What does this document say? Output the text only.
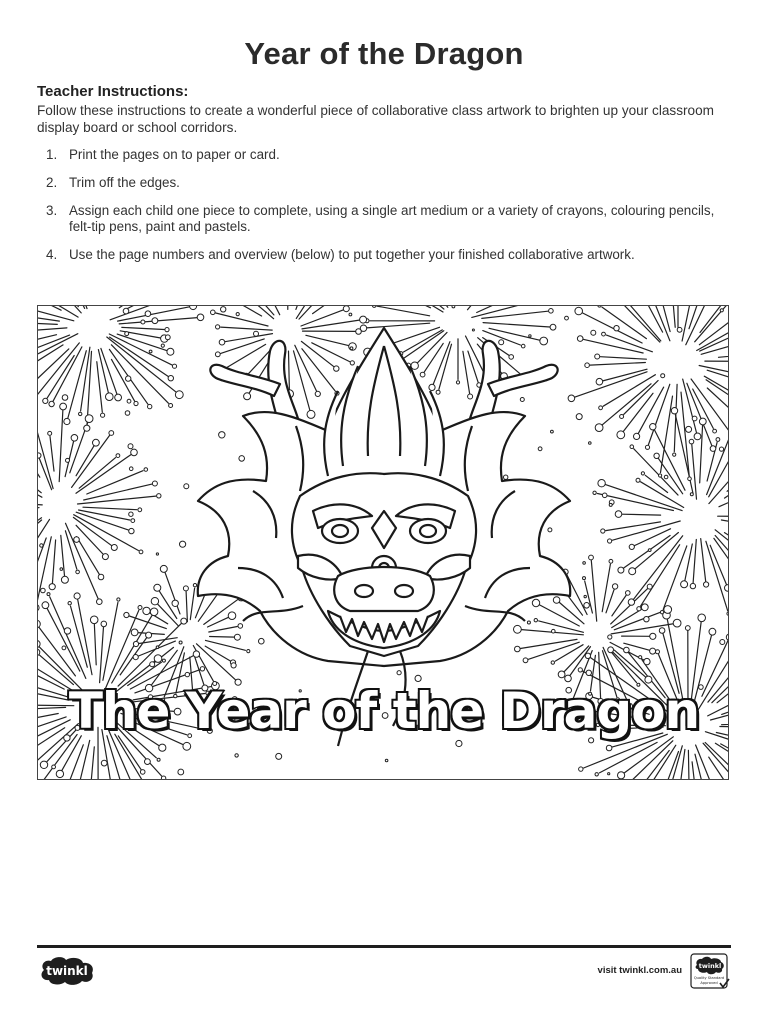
Year of the Dragon
Teacher Instructions:
Follow these instructions to create a wonderful piece of collaborative class artwork to brighten up your classroom display board or school corridors.
1. Print the pages on to paper or card.
2. Trim off the edges.
3. Assign each child one piece to complete, using a single art medium or a variety of crayons, colouring pencils, felt-tip pens, paint and pastels.
4. Use the page numbers and overview (below) to put together your finished collaborative artwork.
The Year of the Dragon
twinkl	visit twinkl.com.au	twinkl
Quality Standard
Approved
